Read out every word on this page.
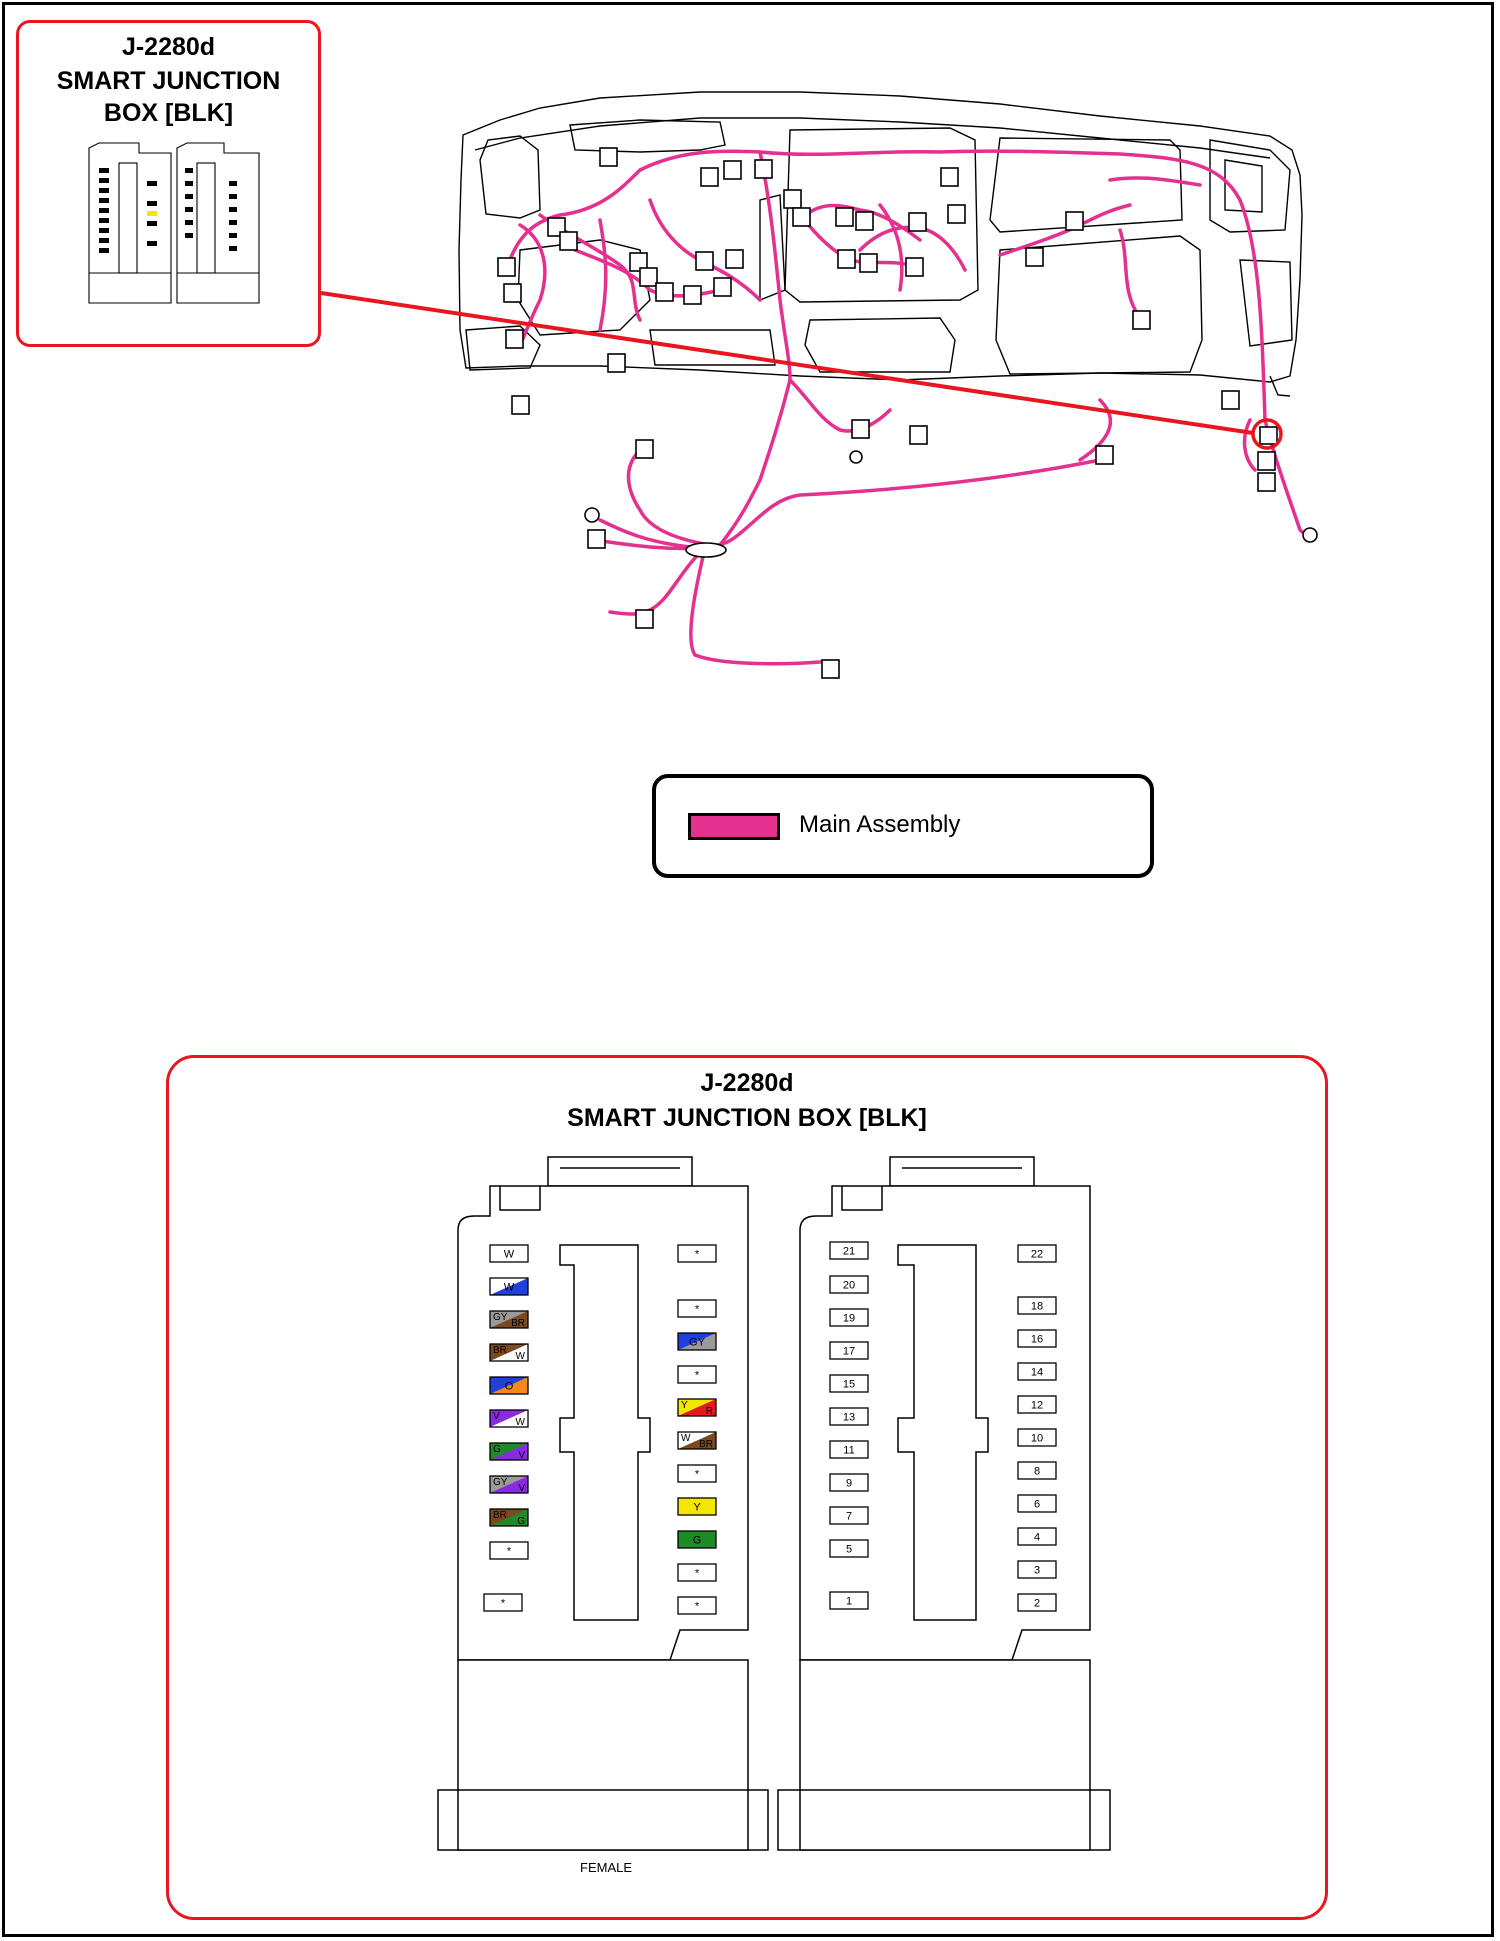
J-2280d
SMART JUNCTION
BOX [BLK]
Main Assembly
J-2280d
SMART JUNCTION BOX [BLK]
W
W
GY
BR
BR
W
O
V
W
G
V
GY
V
BR
G
*
*
*
*
GY
*
Y
R
W
BR
*
Y
G
*
*
21
20
19
17
15
13
11
9
7
5
1
22
18
16
14
12
10
8
6
4
3
2
FEMALE
